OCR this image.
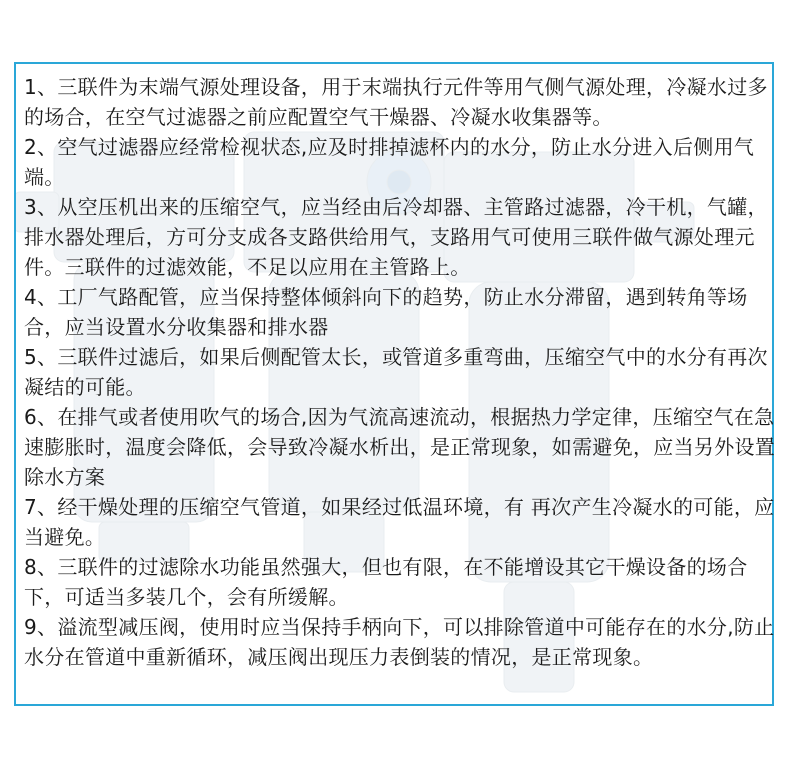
1、三联件为末端气源处理设备，用于末端执行元件等用气侧气源处理，冷凝水过多的场合，在空气过滤器之前应配置空气干燥器、冷凝水收集器等。

2、空气过滤器应经常检视状态,应及时排掉滤杯内的水分，防止水分进入后侧用气端。

3、从空压机出来的压缩空气，应当经由后冷却器、主管路过滤器，冷干机，气罐，排水器处理后，方可分支成各支路供给用气，支路用气可使用三联件做气源处理元件。三联件的过滤效能，不足以应用在主管路上。

4、工厂气路配管，应当保持整体倾斜向下的趋势，防止水分滞留，遇到转角等场合，应当设置水分收集器和排水器

5、三联件过滤后，如果后侧配管太长，或管道多重弯曲，压缩空气中的水分有再次凝结的可能。

6、在排气或者使用吹气的场合,因为气流高速流动，根据热力学定律，压缩空气在急速膨胀时，温度会降低，会导致冷凝水析出，是正常现象，如需避免，应当另外设置除水方案

7、经干燥处理的压缩空气管道，如果经过低温环境，有 再次产生冷凝水的可能，应当避免。

8、三联件的过滤除水功能虽然强大，但也有限，在不能增设其它干燥设备的场合下，可适当多装几个，会有所缓解。

9、溢流型减压阀，使用时应当保持手柄向下，可以排除管道中可能存在的水分,防止水分在管道中重新循环，减压阀出现压力表倒装的情况，是正常现象。
